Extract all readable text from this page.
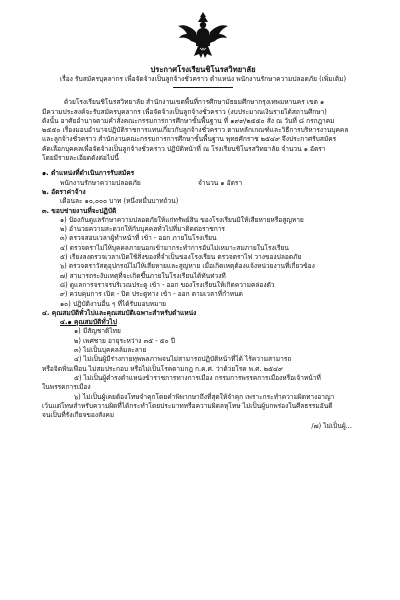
ประกาศโรงเรียนชิโนรสวิทยาลัย
เรื่อง รับสมัครบุคลากร เพื่อจัดจ้างเป็นลูกจ้างชั่วคราว ตำแหน่ง พนักงานรักษาความปลอดภัย (เพิ่มเติม)

ด้วยโรงเรียนชิโนรสวิทยาลัย สำนักงานเขตพื้นที่การศึกษามัธยมศึกษากรุงเทพมหานคร เขต ๑

มีความประสงค์จะรับสมัครบุคลากร เพื่อจัดจ้างเป็นลูกจ้างชั่วคราว (งบประมาณเงินรายได้สถานศึกษา)

ดังนั้น อาศัยอำนาจตามคำสั่งคณะกรรมการการศึกษาขั้นพื้นฐาน ที่ ๑๙๙/๒๕๕๐ สั่ง ณ วันที่ ๘ กรกฎาคม

๒๕๕๐ เรื่องมอบอำนาจปฏิบัติราชการแทนเกี่ยวกับลูกจ้างชั่วคราว ตามหลักเกณฑ์และวิธีการบริหารงานบุคคล

และลูกจ้างชั่วคราว สำนักงานคณะกรรมการการศึกษาขั้นพื้นฐาน พุทธศักราช ๒๕๔๙ จึงประกาศรับสมัคร

คัดเลือกบุคคลเพื่อจัดจ้างเป็นลูกจ้างชั่วคราว ปฏิบัติหน้าที่ ณ โรงเรียนชิโนรสวิทยาลัย จำนวน ๑ อัตรา

โดยมีรายละเอียดดังต่อไปนี้

๑. ตำแหน่งที่ดำเนินการรับสมัคร

พนักงานรักษาความปลอดภัย	จำนวน ๑ อัตรา

๒. อัตราค่าจ้าง

เดือนละ ๑๐,๐๐๐ บาท (หนึ่งหมื่นบาทถ้วน)

๓. ขอบข่ายงานที่จะปฏิบัติ

๑) ป้องกันดูแลรักษาความปลอดภัยให้แก่ทรัพย์สิน ของโรงเรียนมิให้เสียหายหรือสูญหาย

๒) อำนวยความสะดวกให้กับบุคคลทั่วไปที่มาติดต่อราชการ

๓) ตรวจสอบเวลาผู้ทำหน้าที่ เข้า - ออก ภายในโรงเรียน

๔) ตรวจตราไม่ให้บุคคลภายนอกเข้ามากระทำการอันไม่เหมาะสมภายในโรงเรียน

๕) เรียงลงตรวจเวลาเปิดใช้สิ่งของที่จำเป็นของโรงเรียน ตรวจตราไฟ วางของปลอดภัย

๖) ตรวจตราวัสดุอุปกรณ์ไม่ให้เสียหายและสูญหาย เมื่อเกิดเหตุต้องแจ้งหน่วยงานที่เกี่ยวข้อง

๗) สามารถระงับเหตุที่จะเกิดขึ้นภายในโรงเรียนได้ทันท่วงที

๘) ดูแลการจราจรบริเวณประตู เข้า - ออก ของโรงเรียนให้เกิดความคล่องตัว

๙) ควบคุมการ เปิด - ปิด ประตูทาง เข้า - ออก ตามเวลาที่กำหนด

๑๐) ปฏิบัติงานอื่น ๆ ที่ได้รับมอบหมาย

๔. คุณสมบัติทั่วไปและคุณสมบัติเฉพาะสำหรับตำแหน่ง

๔.๑ คุณสมบัติทั่วไป

๑) มีสัญชาติไทย

๒) เพศชาย อายุระหว่าง ๓๕ - ๕๐ ปี

๓) ไม่เป็นบุคคลล้มละลาย

๔) ไม่เป็นผู้มีร่างกายทุพพลภาพจนไม่สามารถปฏิบัติหน้าที่ได้ ไร้ความสามารถ

หรือจิตฟั่นเฟือน ไม่สมประกอบ หรือไม่เป็นโรคตามกฎ ก.ค.ศ. ว่าด้วยโรค พ.ศ. ๒๕๔๙

๕) ไม่เป็นผู้ดำรงตำแหน่งข้าราชการทางการเมือง กรรมการพรรคการเมืองหรือเจ้าหน้าที่

ในพรรคการเมือง

๖) ไม่เป็นผู้เคยต้องโทษจำคุกโดยคำพิพากษาถึงที่สุดให้จำคุก เพราะกระทำความผิดทางอาญา

เว้นแต่โทษสำหรับความผิดที่ได้กระทำโดยประมาทหรือความผิดลหุโทษ ไม่เป็นผู้บกพร่องในศีลธรรมอันดี

จนเป็นที่รังเกียจของสังคม

/๗) ไม่เป็นผู้...
